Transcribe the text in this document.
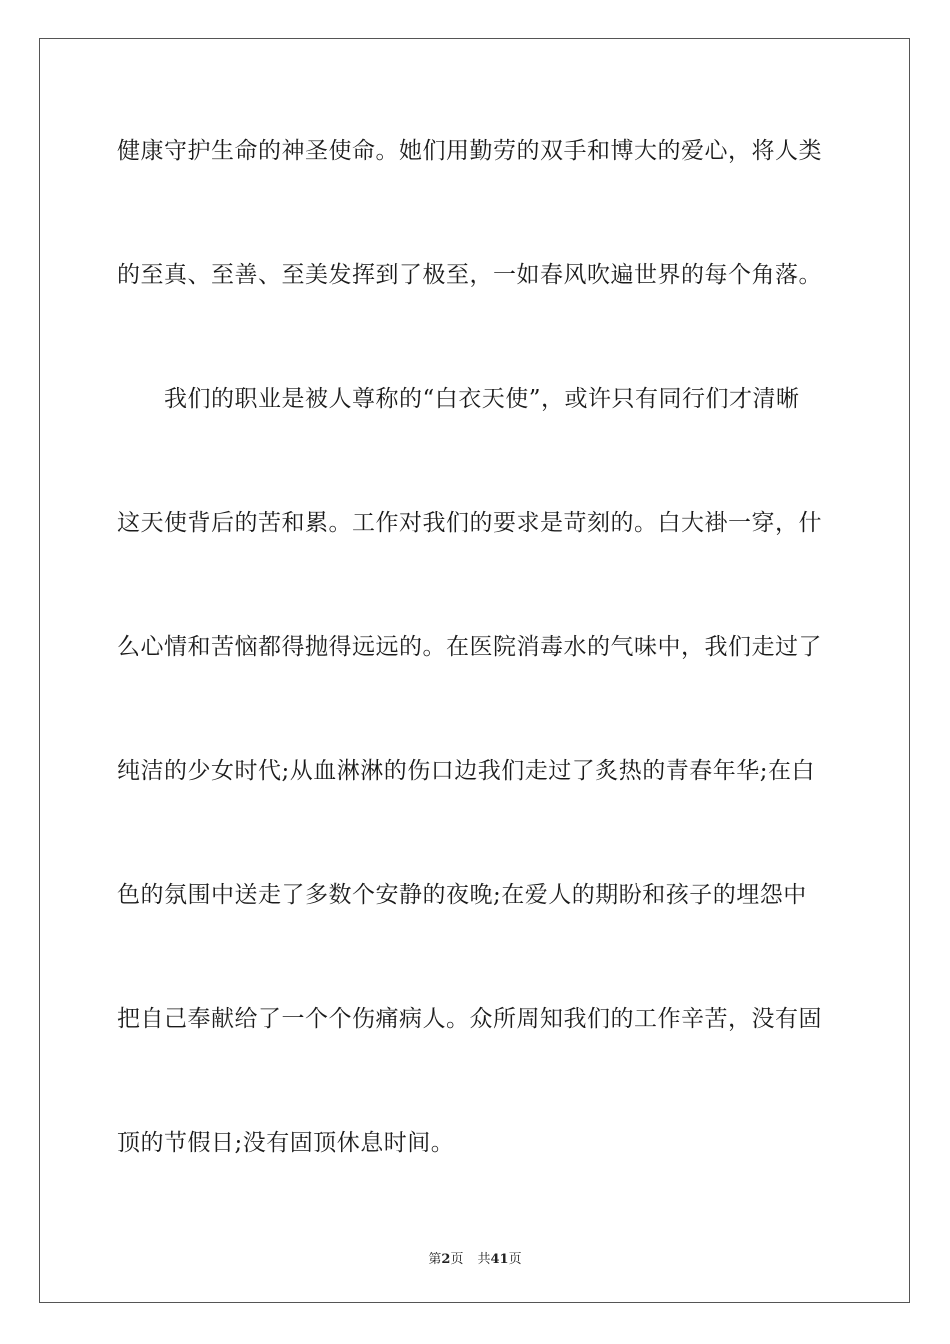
健康守护生命的神圣使命。她们用勤劳的双手和博大的爱心，将人类
的至真、至善、至美发挥到了极至，一如春风吹遍世界的每个角落。
　　我们的职业是被人尊称的“白衣天使”，或许只有同行们才清晰
这天使背后的苦和累。工作对我们的要求是苛刻的。白大褂一穿，什
么心情和苦恼都得抛得远远的。在医院消毒水的气味中，我们走过了
纯洁的少女时代;从血淋淋的伤口边我们走过了炙热的青春年华;在白
色的氛围中送走了多数个安静的夜晚;在爱人的期盼和孩子的埋怨中
把自己奉献给了一个个伤痛病人。众所周知我们的工作辛苦，没有固
顶的节假日;没有固顶休息时间。
第2页 共41页
